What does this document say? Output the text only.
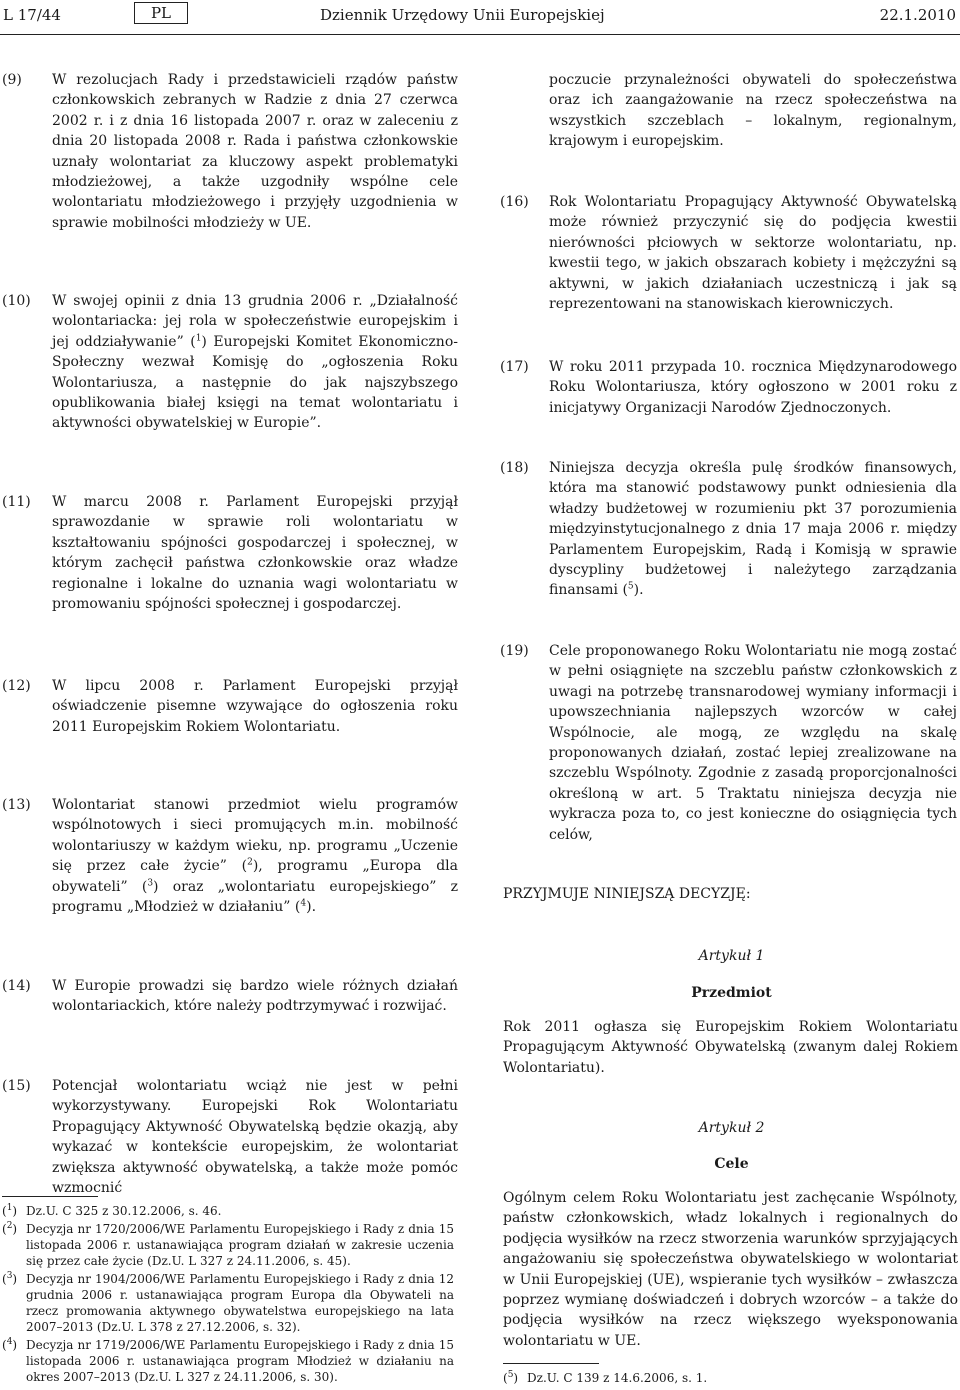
L 17/44	PL	Dziennik Urzędowy Unii Europejskiej	22.1.2010
(9) W rezolucjach Rady i przedstawicieli rządów państw członkowskich zebranych w Radzie z dnia 27 czerwca 2002 r. i z dnia 16 listopada 2007 r. oraz w zaleceniu z dnia 20 listopada 2008 r. Rada i państwa członkowskie uznały wolontariat za kluczowy aspekt problematyki młodzieżowej, a także uzgodniły wspólne cele wolontariatu młodzieżowego i przyjęły uzgodnienia w sprawie mobilności młodzieży w UE.
(10) W swojej opinii z dnia 13 grudnia 2006 r. „Działalność wolontariacka: jej rola w społeczeństwie europejskim i jej oddziaływanie” ($^1$) Europejski Komitet Ekonomiczno-Społeczny wezwał Komisję do „ogłoszenia Roku Wolontariusza, a następnie do jak najszybszego opublikowania białej księgi na temat wolontariatu i aktywności obywatelskiej w Europie”.
(11) W marcu 2008 r. Parlament Europejski przyjął sprawozdanie w sprawie roli wolontariatu w kształtowaniu spójności gospodarczej i społecznej, w którym zachęcił państwa członkowskie oraz władze regionalne i lokalne do uznania wagi wolontariatu w promowaniu spójności społecznej i gospodarczej.
(12) W lipcu 2008 r. Parlament Europejski przyjął oświadczenie pisemne wzywające do ogłoszenia roku 2011 Europejskim Rokiem Wolontariatu.
(13) Wolontariat stanowi przedmiot wielu programów wspólnotowych i sieci promujących m.in. mobilność wolontariuszy w każdym wieku, np. programu „Uczenie się przez całe życie” ($^2$), programu „Europa dla obywateli” ($^3$) oraz „wolontariatu europejskiego” z programu „Młodzież w działaniu” ($^4$).
(14) W Europie prowadzi się bardzo wiele różnych działań wolontariackich, które należy podtrzymywać i rozwijać.
(15) Potencjał wolontariatu wciąż nie jest w pełni wykorzystywany. Europejski Rok Wolontariatu Propagujący Aktywność Obywatelską będzie okazją, aby wykazać w kontekście europejskim, że wolontariat zwiększa aktywność obywatelską, a także może pomóc wzmocnić
($^1$) Dz.U. C 325 z 30.12.2006, s. 46.
($^2$) Decyzja nr 1720/2006/WE Parlamentu Europejskiego i Rady z dnia 15 listopada 2006 r. ustanawiająca program działań w zakresie uczenia się przez całe życie (Dz.U. L 327 z 24.11.2006, s. 45).
($^3$) Decyzja nr 1904/2006/WE Parlamentu Europejskiego i Rady z dnia 12 grudnia 2006 r. ustanawiająca program Europa dla Obywateli na rzecz promowania aktywnego obywatelstwa europejskiego na lata 2007–2013 (Dz.U. L 378 z 27.12.2006, s. 32).
($^4$) Decyzja nr 1719/2006/WE Parlamentu Europejskiego i Rady z dnia 15 listopada 2006 r. ustanawiająca program Młodzież w działaniu na okres 2007–2013 (Dz.U. L 327 z 24.11.2006, s. 30).
poczucie przynależności obywateli do społeczeństwa oraz ich zaangażowanie na rzecz społeczeństwa na wszystkich szczeblach – lokalnym, regionalnym, krajowym i europejskim.
(16) Rok Wolontariatu Propagujący Aktywność Obywatelską może również przyczynić się do podjęcia kwestii nierówności płciowych w sektorze wolontariatu, np. kwestii tego, w jakich obszarach kobiety i mężczyźni są aktywni, w jakich działaniach uczestniczą i jak są reprezentowani na stanowiskach kierowniczych.
(17) W roku 2011 przypada 10. rocznica Międzynarodowego Roku Wolontariusza, który ogłoszono w 2001 roku z inicjatywy Organizacji Narodów Zjednoczonych.
(18) Niniejsza decyzja określa pulę środków finansowych, która ma stanowić podstawowy punkt odniesienia dla władzy budżetowej w rozumieniu pkt 37 porozumienia międzyinstytucjonalnego z dnia 17 maja 2006 r. między Parlamentem Europejskim, Radą i Komisją w sprawie dyscypliny budżetowej i należytego zarządzania finansami ($^5$).
(19) Cele proponowanego Roku Wolontariatu nie mogą zostać w pełni osiągnięte na szczeblu państw członkowskich z uwagi na potrzebę transnarodowej wymiany informacji i upowszechniania najlepszych wzorców w całej Wspólnocie, ale mogą, ze względu na skalę proponowanych działań, zostać lepiej zrealizowane na szczeblu Wspólnoty. Zgodnie z zasadą proporcjonalności określoną w art. 5 Traktatu niniejsza decyzja nie wykracza poza to, co jest konieczne do osiągnięcia tych celów,
PRZYJMUJE NINIEJSZĄ DECYZJĘ:
Artykuł 1
Przedmiot
Rok 2011 ogłasza się Europejskim Rokiem Wolontariatu Propagującym Aktywność Obywatelską (zwanym dalej Rokiem Wolontariatu).
Artykuł 2
Cele
Ogólnym celem Roku Wolontariatu jest zachęcanie Wspólnoty, państw członkowskich, władz lokalnych i regionalnych do podjęcia wysiłków na rzecz stworzenia warunków sprzyjających angażowaniu się społeczeństwa obywatelskiego w wolontariat w Unii Europejskiej (UE), wspieranie tych wysiłków – zwłaszcza poprzez wymianę doświadczeń i dobrych wzorców – a także do podjęcia wysiłków na rzecz większego wyeksponowania wolontariatu w UE.
($^5$) Dz.U. C 139 z 14.6.2006, s. 1.
